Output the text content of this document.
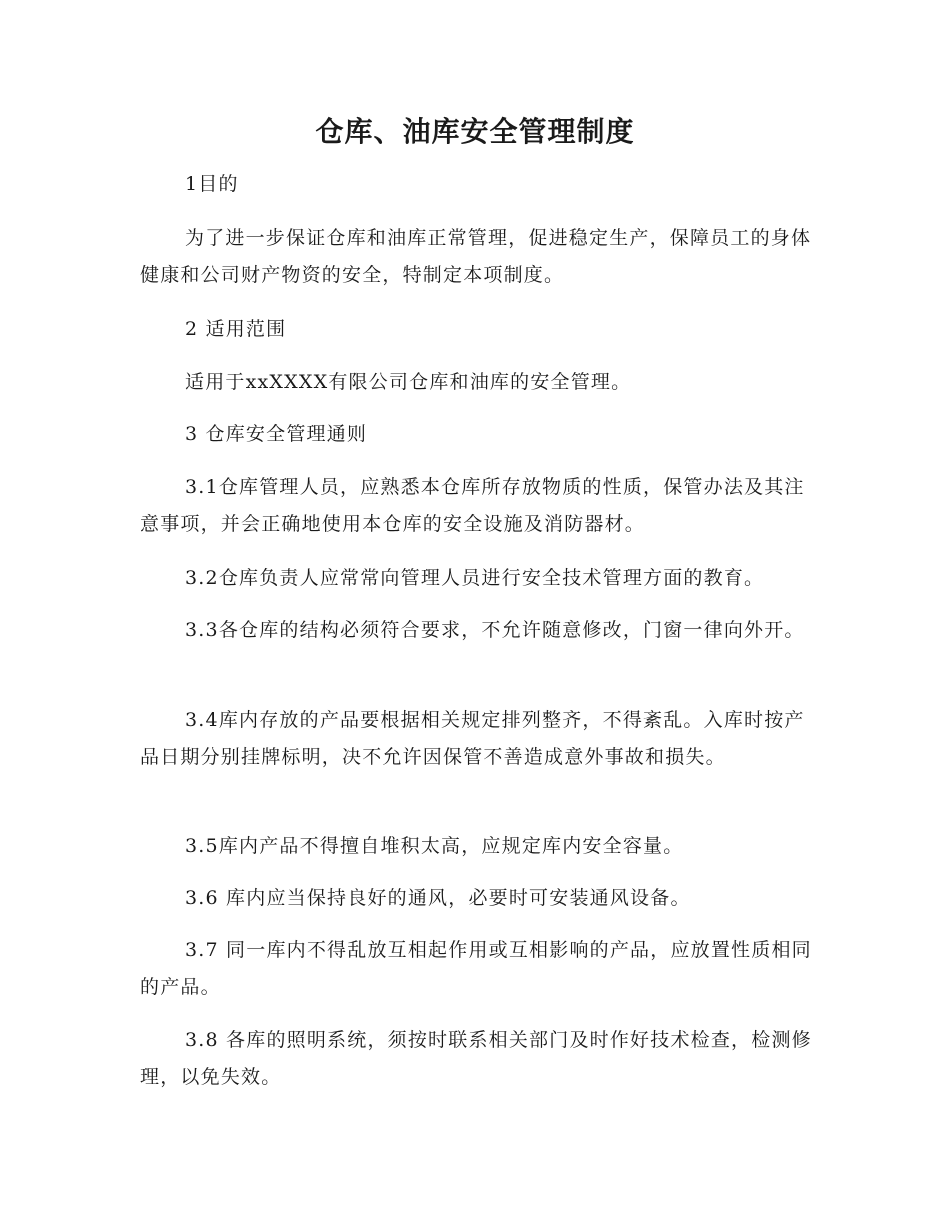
仓库、油库安全管理制度

1目的

为了进一步保证仓库和油库正常管理，促进稳定生产，保障员工的身体健康和公司财产物资的安全，特制定本项制度。

2 适用范围

适用于xxXXXX有限公司仓库和油库的安全管理。

3 仓库安全管理通则

3.1仓库管理人员，应熟悉本仓库所存放物质的性质，保管办法及其注意事项，并会正确地使用本仓库的安全设施及消防器材。

3.2仓库负责人应常常向管理人员进行安全技术管理方面的教育。

3.3各仓库的结构必须符合要求，不允许随意修改，门窗一律向外开。

3.4库内存放的产品要根据相关规定排列整齐，不得紊乱。入库时按产品日期分别挂牌标明，决不允许因保管不善造成意外事故和损失。

3.5库内产品不得擅自堆积太高，应规定库内安全容量。

3.6 库内应当保持良好的通风，必要时可安装通风设备。

3.7 同一库内不得乱放互相起作用或互相影响的产品，应放置性质相同的产品。

3.8 各库的照明系统，须按时联系相关部门及时作好技术检查，检测修理，以免失效。
